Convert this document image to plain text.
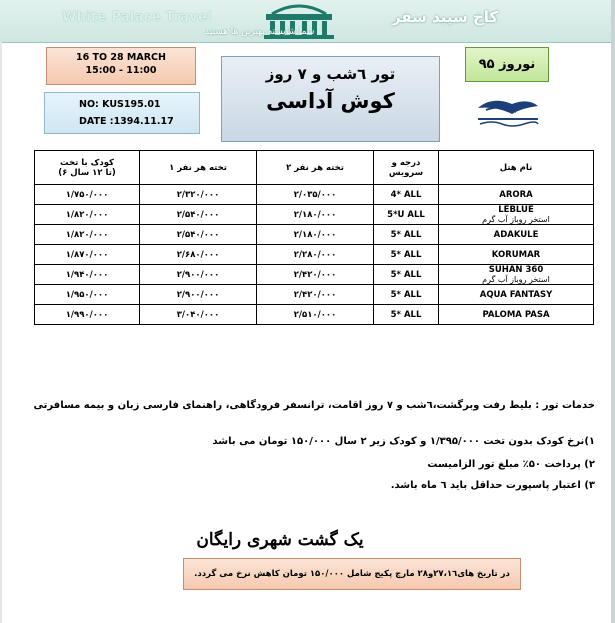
White Palace Travel	کاخ سپید سفر
شما شایسته بهترین ها هستید
16 TO 28 MARCH
15:00 - 11:00
NO: KUS195.01
DATE :1394.11.17
تور ٦شب و ۷ روز
کوش آداسی
نوروز ۹۵
کودک با تخت
(۶ تا ۱۲ سال)	۱ تخته هر نفر	۲ تخته هر نفر	درجه و سرویس	نام هتل
۱/۷۵۰/۰۰۰	۲/۳۲۰/۰۰۰	۲/۰۳۵/۰۰۰	4* ALL	ARORA
۱/۸۲۰/۰۰۰	۲/۵۴۰/۰۰۰	۲/۱۸۰/۰۰۰	5*U ALL	LEBLUE
استخر روباز آب گرم

۱/۸۲۰/۰۰۰	۲/۵۴۰/۰۰۰	۲/۱۸۰/۰۰۰	5* ALL	ADAKULE
۱/۸۷۰/۰۰۰	۲/۶۸۰/۰۰۰	۲/۲۸۰/۰۰۰	5* ALL	KORUMAR
۱/۹۴۰/۰۰۰	۲/۹۰۰/۰۰۰	۲/۴۲۰/۰۰۰	5* ALL	SUHAN 360
استخر روباز آب گرم

۱/۹۵۰/۰۰۰	۲/۹۰۰/۰۰۰	۲/۴۲۰/۰۰۰	5* ALL	AQUA FANTASY
۱/۹۹۰/۰۰۰	۳/۰۴۰/۰۰۰	۲/۵۱۰/۰۰۰	5* ALL	PALOMA PASA
خدمات تور : بلیط رفت وبرگشت،٦شب و ۷ روز اقامت، ترانسفر فرودگاهی، راهنمای فارسی زبان و بیمه مسافرتی
۱)نرخ کودک بدون تخت ۱/۳۹۵/۰۰۰ و کودک زیر ۲ سال ۱۵۰/۰۰۰ تومان می باشد
۲) پرداخت ۵۰٪ مبلغ تور الزامیست
۳) اعتبار پاسپورت حداقل باید ٦ ماه باشد.
یک گشت شهری رایگان
در تاریخ های۲۷،۱٦و۲۸ مارچ پکیج شامل ۱۵۰/۰۰۰ تومان کاهش نرخ می گردد.
